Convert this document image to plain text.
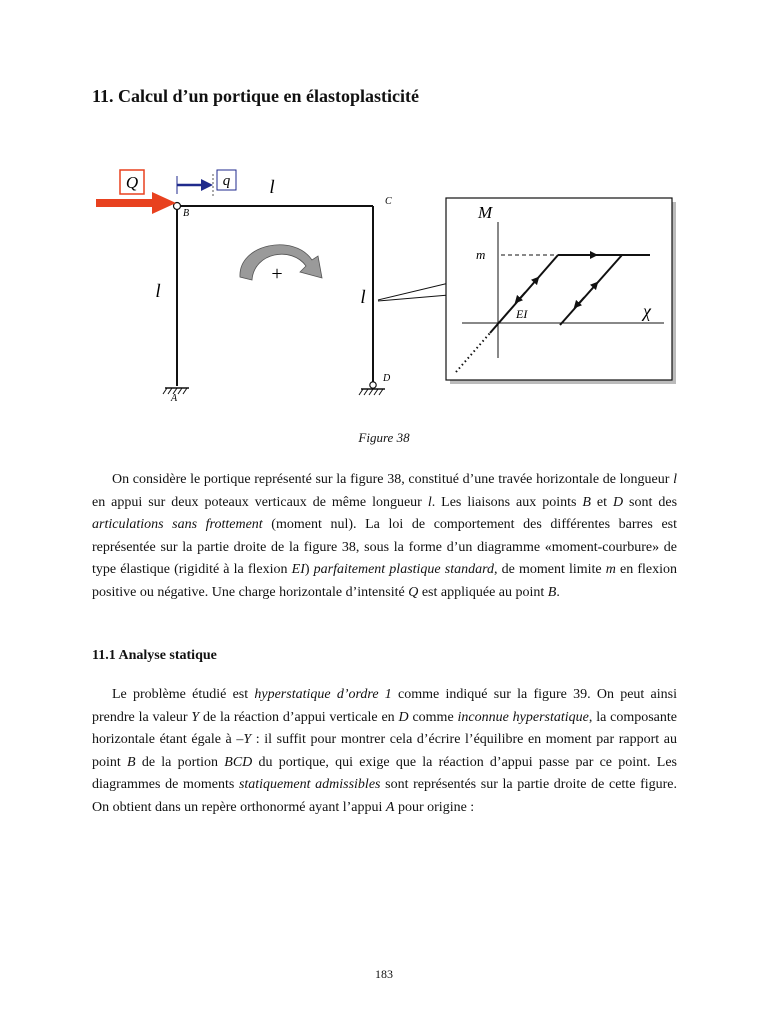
11. Calcul d’un portique en élastoplasticité
Q	q l
l	l
B
C
A
D
+
M
m
EI	χ
Figure 38

On considère le portique représenté sur la figure 38, constitué d’une travée horizontale de longueur l en appui sur deux poteaux verticaux de même longueur l. Les liaisons aux points B et D sont des articulations sans frottement (moment nul). La loi de comportement des différentes barres est représentée sur la partie droite de la figure 38, sous la forme d’un diagramme «moment-courbure» de type élastique (rigidité à la flexion EI) parfaitement plastique standard, de moment limite m en flexion positive ou négative. Une charge horizontale d’intensité Q est appliquée au point B.

11.1 Analyse statique

Le problème étudié est hyperstatique d’ordre 1 comme indiqué sur la figure 39. On peut ainsi prendre la valeur Y de la réaction d’appui verticale en D comme inconnue hyperstatique, la composante horizontale étant égale à –Y : il suffit pour montrer cela d’écrire l’équilibre en moment par rapport au point B de la portion BCD du portique, qui exige que la réaction d’appui passe par ce point. Les diagrammes de moments statiquement admissibles sont représentés sur la partie droite de cette figure. On obtient dans un repère orthonormé ayant l’appui A pour origine :

183
